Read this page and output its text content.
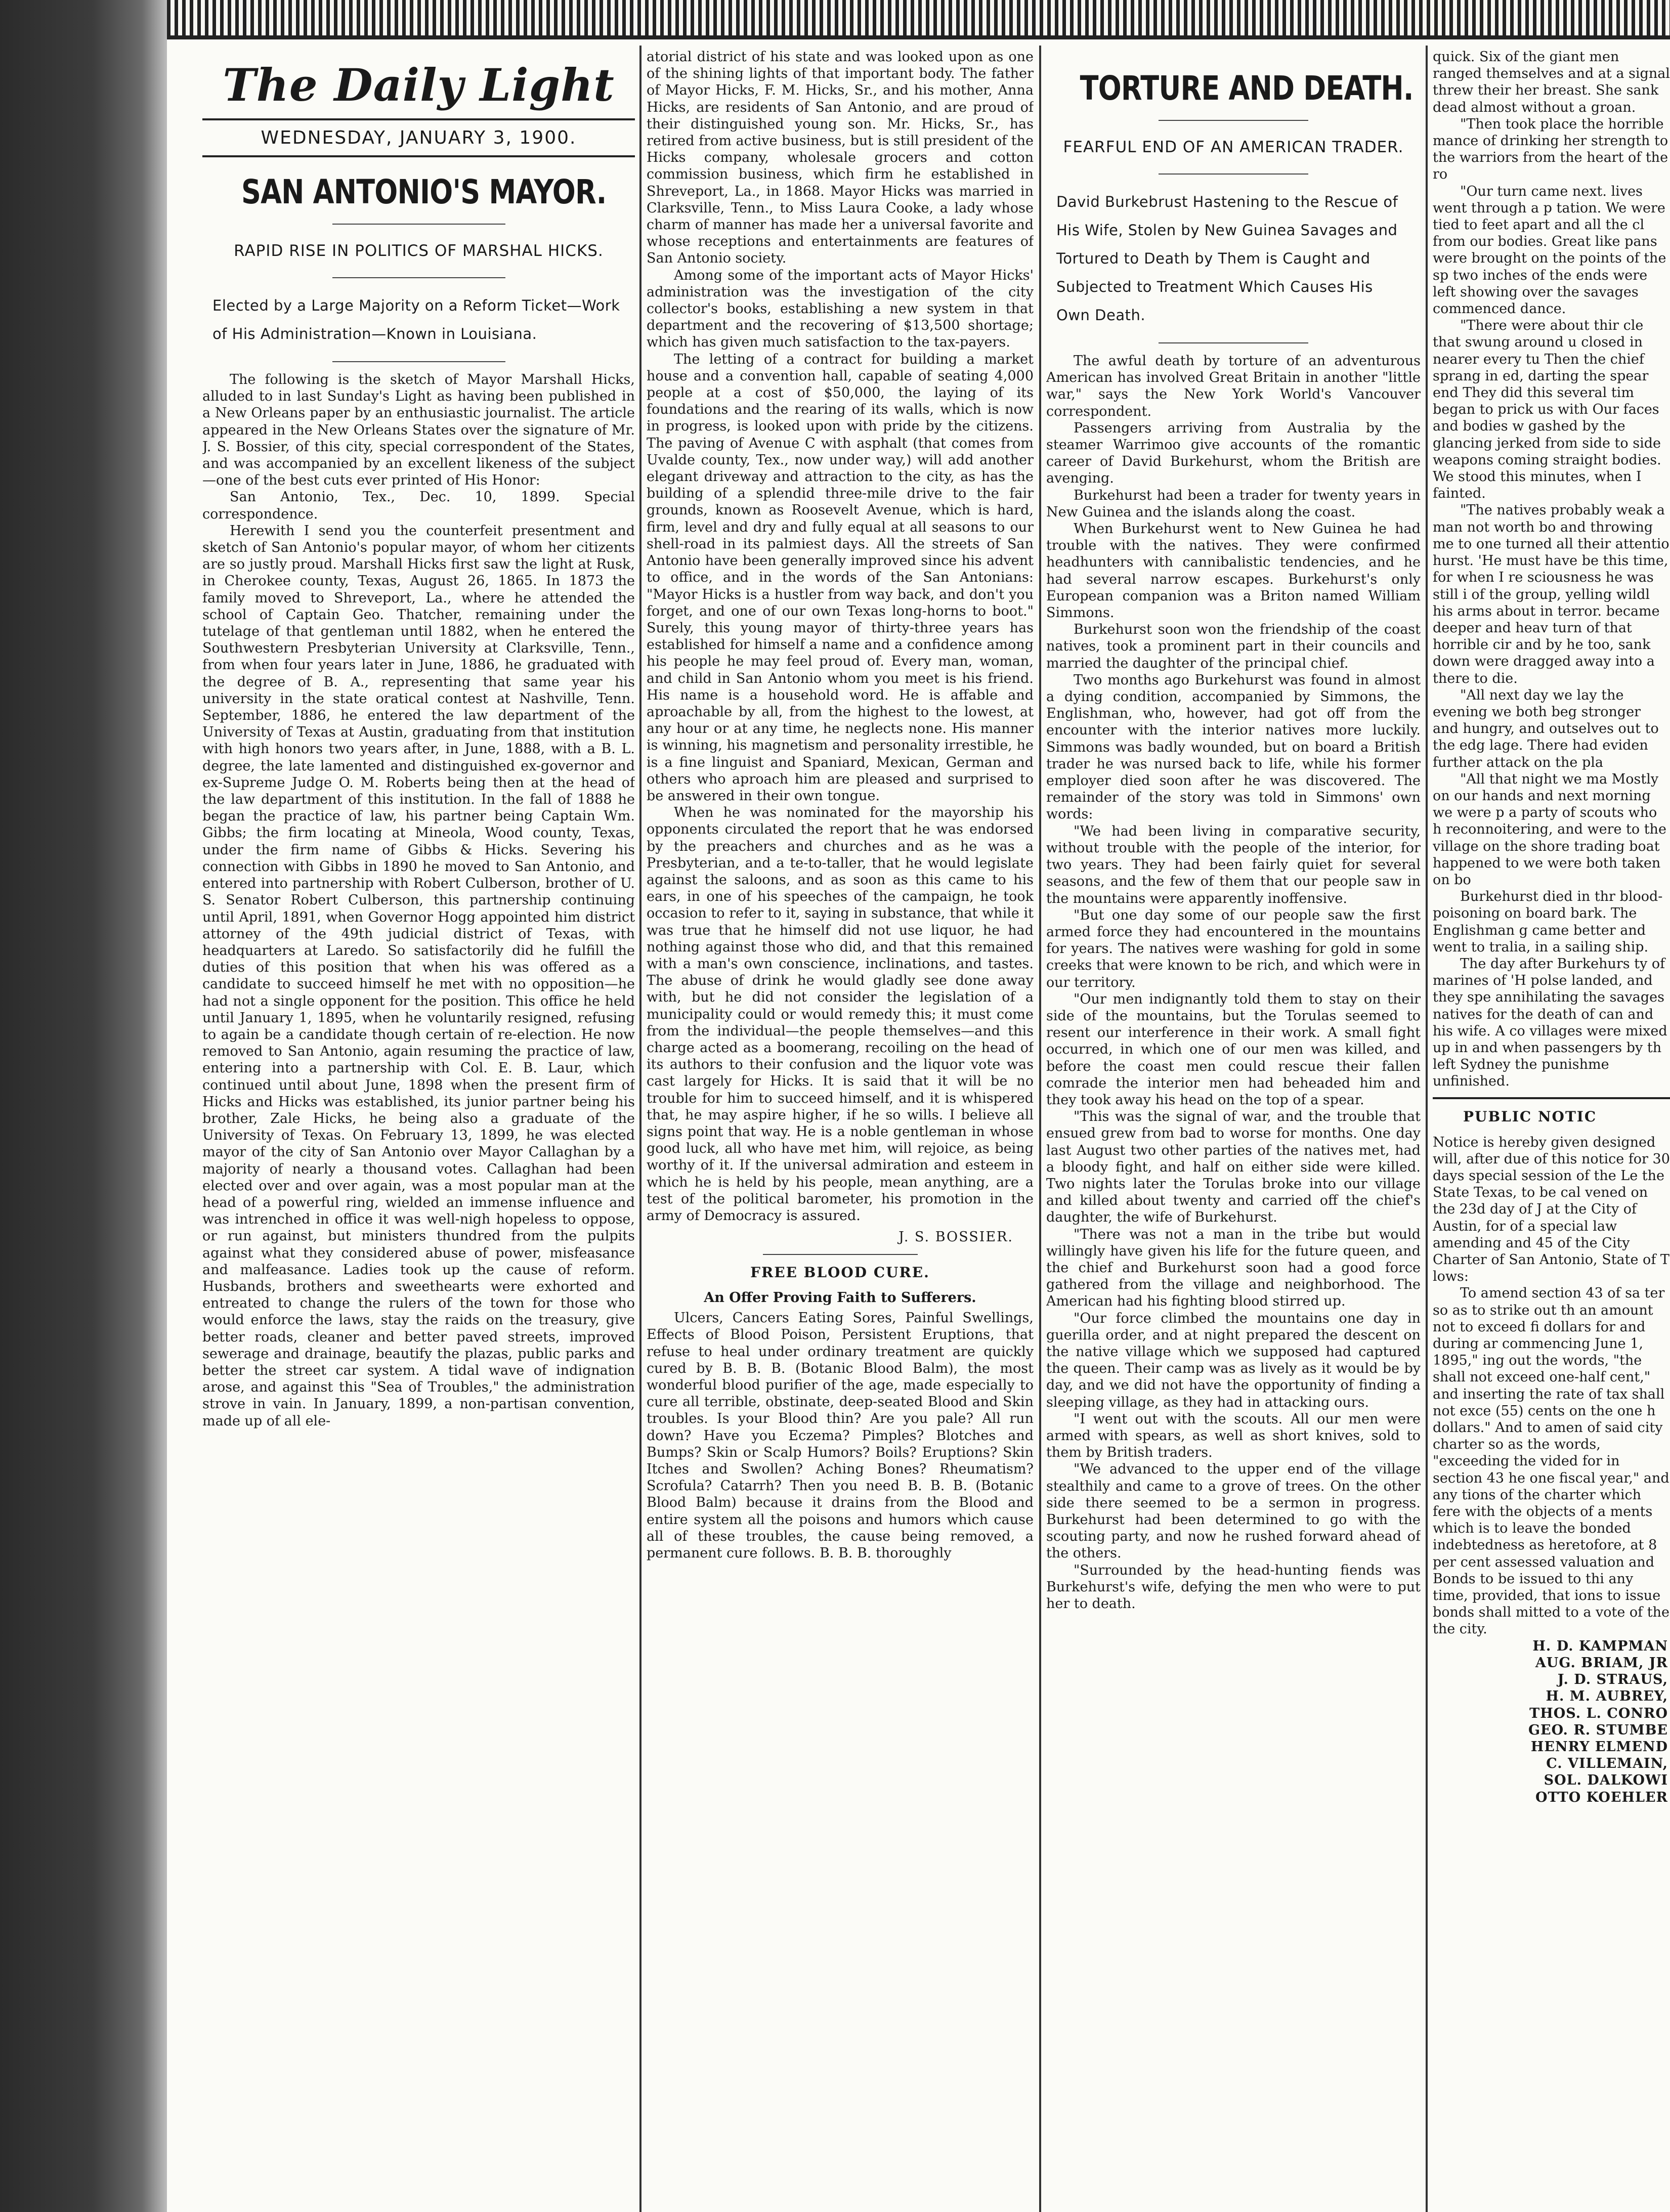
The Daily Light
WEDNESDAY, JANUARY 3, 1900.
SAN ANTONIO'S MAYOR.
RAPID RISE IN POLITICS OF MARSHAL HICKS.
Elected by a Large Majority on a Reform Ticket—Work of His Administration—Known in Louisiana.

The following is the sketch of Mayor Marshall Hicks, alluded to in last Sunday's Light as having been published in a New Orleans paper by an enthusiastic journalist. The article appeared in the New Orleans States over the signature of Mr. J. S. Bossier, of this city, special correspondent of the States, and was accompanied by an excellent likeness of the subject—one of the best cuts ever printed of His Honor:

San Antonio, Tex., Dec. 10, 1899. Special correspondence.

Herewith I send you the counterfeit presentment and sketch of San Antonio's popular mayor, of whom her citizents are so justly proud. Marshall Hicks first saw the light at Rusk, in Cherokee county, Texas, August 26, 1865. In 1873 the family moved to Shreveport, La., where he attended the school of Captain Geo. Thatcher, remaining under the tutelage of that gentleman until 1882, when he entered the Southwestern Presbyterian University at Clarksville, Tenn., from when four years later in June, 1886, he graduated with the degree of B. A., representing that same year his university in the state oratical contest at Nashville, Tenn. September, 1886, he entered the law department of the University of Texas at Austin, graduating from that institution with high honors two years after, in June, 1888, with a B. L. degree, the late lamented and distinguished ex-governor and ex-Supreme Judge O. M. Roberts being then at the head of the law department of this institution. In the fall of 1888 he began the practice of law, his partner being Captain Wm. Gibbs; the firm locating at Mineola, Wood county, Texas, under the firm name of Gibbs & Hicks. Severing his connection with Gibbs in 1890 he moved to San Antonio, and entered into partnership with Robert Culberson, brother of U. S. Senator Robert Culberson, this partnership continuing until April, 1891, when Governor Hogg appointed him district attorney of the 49th judicial district of Texas, with headquarters at Laredo. So satisfactorily did he fulfill the duties of this position that when his was offered as a candidate to succeed himself he met with no opposition—he had not a single opponent for the position. This office he held until January 1, 1895, when he voluntarily resigned, refusing to again be a candidate though certain of re-election. He now removed to San Antonio, again resuming the practice of law, entering into a partnership with Col. E. B. Laur, which continued until about June, 1898 when the present firm of Hicks and Hicks was established, its junior partner being his brother, Zale Hicks, he being also a graduate of the University of Texas. On February 13, 1899, he was elected mayor of the city of San Antonio over Mayor Callaghan by a majority of nearly a thousand votes. Callaghan had been elected over and over again, was a most popular man at the head of a powerful ring, wielded an immense influence and was intrenched in office it was well-nigh hopeless to oppose, or run against, but ministers thundred from the pulpits against what they considered abuse of power, misfeasance and malfeasance. Ladies took up the cause of reform. Husbands, brothers and sweethearts were exhorted and entreated to change the rulers of the town for those who would enforce the laws, stay the raids on the treasury, give better roads, cleaner and better paved streets, improved sewerage and drainage, beautify the plazas, public parks and better the street car system. A tidal wave of indignation arose, and against this "Sea of Troubles," the administration strove in vain. In January, 1899, a non-partisan convention, made up of all ele-

atorial district of his state and was looked upon as one of the shining lights of that important body. The father of Mayor Hicks, F. M. Hicks, Sr., and his mother, Anna Hicks, are residents of San Antonio, and are proud of their distinguished young son. Mr. Hicks, Sr., has retired from active business, but is still president of the Hicks company, wholesale grocers and cotton commission business, which firm he established in Shreveport, La., in 1868. Mayor Hicks was married in Clarksville, Tenn., to Miss Laura Cooke, a lady whose charm of manner has made her a universal favorite and whose receptions and entertainments are features of San Antonio society.

Among some of the important acts of Mayor Hicks' administration was the investigation of the city collector's books, establishing a new system in that department and the recovering of $13,500 shortage; which has given much satisfaction to the tax-payers.

The letting of a contract for building a market house and a convention hall, capable of seating 4,000 people at a cost of $50,000, the laying of its foundations and the rearing of its walls, which is now in progress, is looked upon with pride by the citizens. The paving of Avenue C with asphalt (that comes from Uvalde county, Tex., now under way,) will add another elegant driveway and attraction to the city, as has the building of a splendid three-mile drive to the fair grounds, known as Roosevelt Avenue, which is hard, firm, level and dry and fully equal at all seasons to our shell-road in its palmiest days. All the streets of San Antonio have been generally improved since his advent to office, and in the words of the San Antonians: "Mayor Hicks is a hustler from way back, and don't you forget, and one of our own Texas long-horns to boot." Surely, this young mayor of thirty-three years has established for himself a name and a confidence among his people he may feel proud of. Every man, woman, and child in San Antonio whom you meet is his friend. His name is a household word. He is affable and aproachable by all, from the highest to the lowest, at any hour or at any time, he neglects none. His manner is winning, his magnetism and personality irrestible, he is a fine linguist and Spaniard, Mexican, German and others who aproach him are pleased and surprised to be answered in their own tongue.

When he was nominated for the mayorship his opponents circulated the report that he was endorsed by the preachers and churches and as he was a Presbyterian, and a te-to-taller, that he would legislate against the saloons, and as soon as this came to his ears, in one of his speeches of the campaign, he took occasion to refer to it, saying in substance, that while it was true that he himself did not use liquor, he had nothing against those who did, and that this remained with a man's own conscience, inclinations, and tastes. The abuse of drink he would gladly see done away with, but he did not consider the legislation of a municipality could or would remedy this; it must come from the individual—the people themselves—and this charge acted as a boomerang, recoiling on the head of its authors to their confusion and the liquor vote was cast largely for Hicks. It is said that it will be no trouble for him to succeed himself, and it is whispered that, he may aspire higher, if he so wills. I believe all signs point that way. He is a noble gentleman in whose good luck, all who have met him, will rejoice, as being worthy of it. If the universal admiration and esteem in which he is held by his people, mean anything, are a test of the political barometer, his promotion in the army of Democracy is assured.

J. S. BOSSIER.
FREE BLOOD CURE.
An Offer Proving Faith to Sufferers.

Ulcers, Cancers Eating Sores, Painful Swellings, Effects of Blood Poison, Persistent Eruptions, that refuse to heal under ordinary treatment are quickly cured by B. B. B. (Botanic Blood Balm), the most wonderful blood purifier of the age, made especially to cure all terrible, obstinate, deep-seated Blood and Skin troubles. Is your Blood thin? Are you pale? All run down? Have you Eczema? Pimples? Blotches and Bumps? Skin or Scalp Humors? Boils? Eruptions? Skin Itches and Swollen? Aching Bones? Rheumatism? Scrofula? Catarrh? Then you need B. B. B. (Botanic Blood Balm) because it drains from the Blood and entire system all the poisons and humors which cause all of these troubles, the cause being removed, a permanent cure follows. B. B. B. thoroughly

TORTURE AND DEATH.
FEARFUL END OF AN AMERICAN TRADER.
David Burkebrust Hastening to the Rescue of His Wife, Stolen by New Guinea Savages and Tortured to Death by Them is Caught and Subjected to Treatment Which Causes His Own Death.

The awful death by torture of an adventurous American has involved Great Britain in another "little war," says the New York World's Vancouver correspondent.

Passengers arriving from Australia by the steamer Warrimoo give accounts of the romantic career of David Burkehurst, whom the British are avenging.

Burkehurst had been a trader for twenty years in New Guinea and the islands along the coast.

When Burkehurst went to New Guinea he had trouble with the natives. They were confirmed headhunters with cannibalistic tendencies, and he had several narrow escapes. Burkehurst's only European companion was a Briton named William Simmons.

Burkehurst soon won the friendship of the coast natives, took a prominent part in their councils and married the daughter of the principal chief.

Two months ago Burkehurst was found in almost a dying condition, accompanied by Simmons, the Englishman, who, however, had got off from the encounter with the interior natives more luckily. Simmons was badly wounded, but on board a British trader he was nursed back to life, while his former employer died soon after he was discovered. The remainder of the story was told in Simmons' own words:

"We had been living in comparative security, without trouble with the people of the interior, for two years. They had been fairly quiet for several seasons, and the few of them that our people saw in the mountains were apparently inoffensive.

"But one day some of our people saw the first armed force they had encountered in the mountains for years. The natives were washing for gold in some creeks that were known to be rich, and which were in our territory.

"Our men indignantly told them to stay on their side of the mountains, but the Torulas seemed to resent our interference in their work. A small fight occurred, in which one of our men was killed, and before the coast men could rescue their fallen comrade the interior men had beheaded him and they took away his head on the top of a spear.

"This was the signal of war, and the trouble that ensued grew from bad to worse for months. One day last August two other parties of the natives met, had a bloody fight, and half on either side were killed. Two nights later the Torulas broke into our village and killed about twenty and carried off the chief's daughter, the wife of Burkehurst.

"There was not a man in the tribe but would willingly have given his life for the future queen, and the chief and Burkehurst soon had a good force gathered from the village and neighborhood. The American had his fighting blood stirred up.

"Our force climbed the mountains one day in guerilla order, and at night prepared the descent on the native village which we supposed had captured the queen. Their camp was as lively as it would be by day, and we did not have the opportunity of finding a sleeping village, as they had in attacking ours.

"I went out with the scouts. All our men were armed with spears, as well as short knives, sold to them by British traders.

"We advanced to the upper end of the village stealthily and came to a grove of trees. On the other side there seemed to be a sermon in progress. Burkehurst had been determined to go with the scouting party, and now he rushed forward ahead of the others.

"Surrounded by the head-hunting fiends was Burkehurst's wife, defying the men who were to put her to death.

quick. Six of the giant men ranged themselves and at a signal threw their her breast. She sank dead almost without a groan.

"Then took place the horrible mance of drinking her strength to the warriors from the heart of the ro

"Our turn came next. lives went through a p tation. We were tied to feet apart and all the cl from our bodies. Great like pans were brought on the points of the sp two inches of the ends were left showing over the savages commenced dance.

"There were about thir cle that swung around u closed in nearer every tu Then the chief sprang in ed, darting the spear end They did this several tim began to prick us with Our faces and bodies w gashed by the glancing jerked from side to side weapons coming straight bodies. We stood this minutes, when I fainted.

"The natives probably weak a man not worth bo and throwing me to one turned all their attentio hurst. 'He must have be this time, for when I re sciousness he was still i of the group, yelling wildl his arms about in terror. became deeper and heav turn of that horrible cir and by he too, sank down were dragged away into a there to die.

"All next day we lay the evening we both beg stronger and hungry, and outselves out to the edg lage. There had eviden further attack on the pla

"All that night we ma Mostly on our hands and next morning we were p a party of scouts who h reconnoitering, and were to the village on the shore trading boat happened to we were both taken on bo

Burkehurst died in thr blood-poisoning on board bark. The Englishman g came better and went to tralia, in a sailing ship.

The day after Burkehurs ty of marines of 'H polse landed, and they spe annihilating the savages natives for the death of can and his wife. A co villages were mixed up in and when passengers by th left Sydney the punishme unfinished.

PUBLIC NOTIC

Notice is hereby given designed will, after due of this notice for 30 days special session of the Le the State Texas, to be cal vened on the 23d day of J at the City of Austin, for of a special law amending and 45 of the City Charter of San Antonio, State of T lows:

To amend section 43 of sa ter so as to strike out th an amount not to exceed fi dollars for and during ar commencing June 1, 1895," ing out the words, "the shall not exceed one-half cent," and inserting the rate of tax shall not exce (55) cents on the one h dollars." And to amen of said city charter so as the words, "exceeding the vided for in section 43 he one fiscal year," and any tions of the charter which fere with the objects of a ments which is to leave the bonded indebtedness as heretofore, at 8 per cent assessed valuation and Bonds to be issued to thi any time, provided, that ions to issue bonds shall mitted to a vote of the the city.

H. D. KAMPMAN
AUG. BRIAM, JR
J. D. STRAUS,
H. M. AUBREY,
THOS. L. CONRO
GEO. R. STUMBE
HENRY ELMEND
C. VILLEMAIN,
SOL. DALKOWI
OTTO KOEHLER
